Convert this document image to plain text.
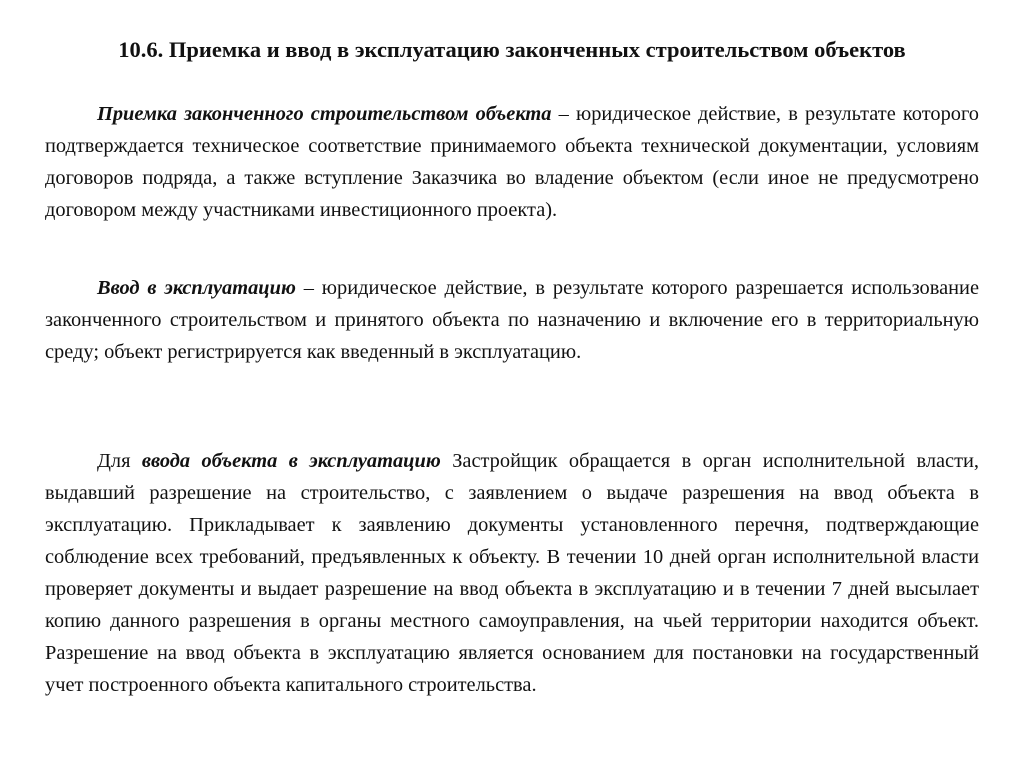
10.6. Приемка и ввод в эксплуатацию законченных строительством объектов

Приемка законченного строительством объекта – юридическое действие, в результате которого подтверждается техническое соответствие принимаемого объекта технической документации, условиям договоров подряда, а также вступление Заказчика во владение объектом (если иное не предусмотрено договором между участниками инвестиционного проекта).

Ввод в эксплуатацию – юридическое действие, в результате которого разрешается использование законченного строительством и принятого объекта по назначению и включение его в территориальную среду; объект регистрируется как введенный в эксплуатацию.

Для ввода объекта в эксплуатацию Застройщик обращается в орган исполнительной власти, выдавший разрешение на строительство, с заявлением о выдаче разрешения на ввод объекта в эксплуатацию. Прикладывает к заявлению документы установленного перечня, подтверждающие соблюдение всех требований, предъявленных к объекту. В течении 10 дней орган исполнительной власти проверяет документы и выдает разрешение на ввод объекта в эксплуатацию и в течении 7 дней высылает копию данного разрешения в органы местного самоуправления, на чьей территории находится объект. Разрешение на ввод объекта в эксплуатацию является основанием для постановки на государственный учет построенного объекта капитального строительства.
